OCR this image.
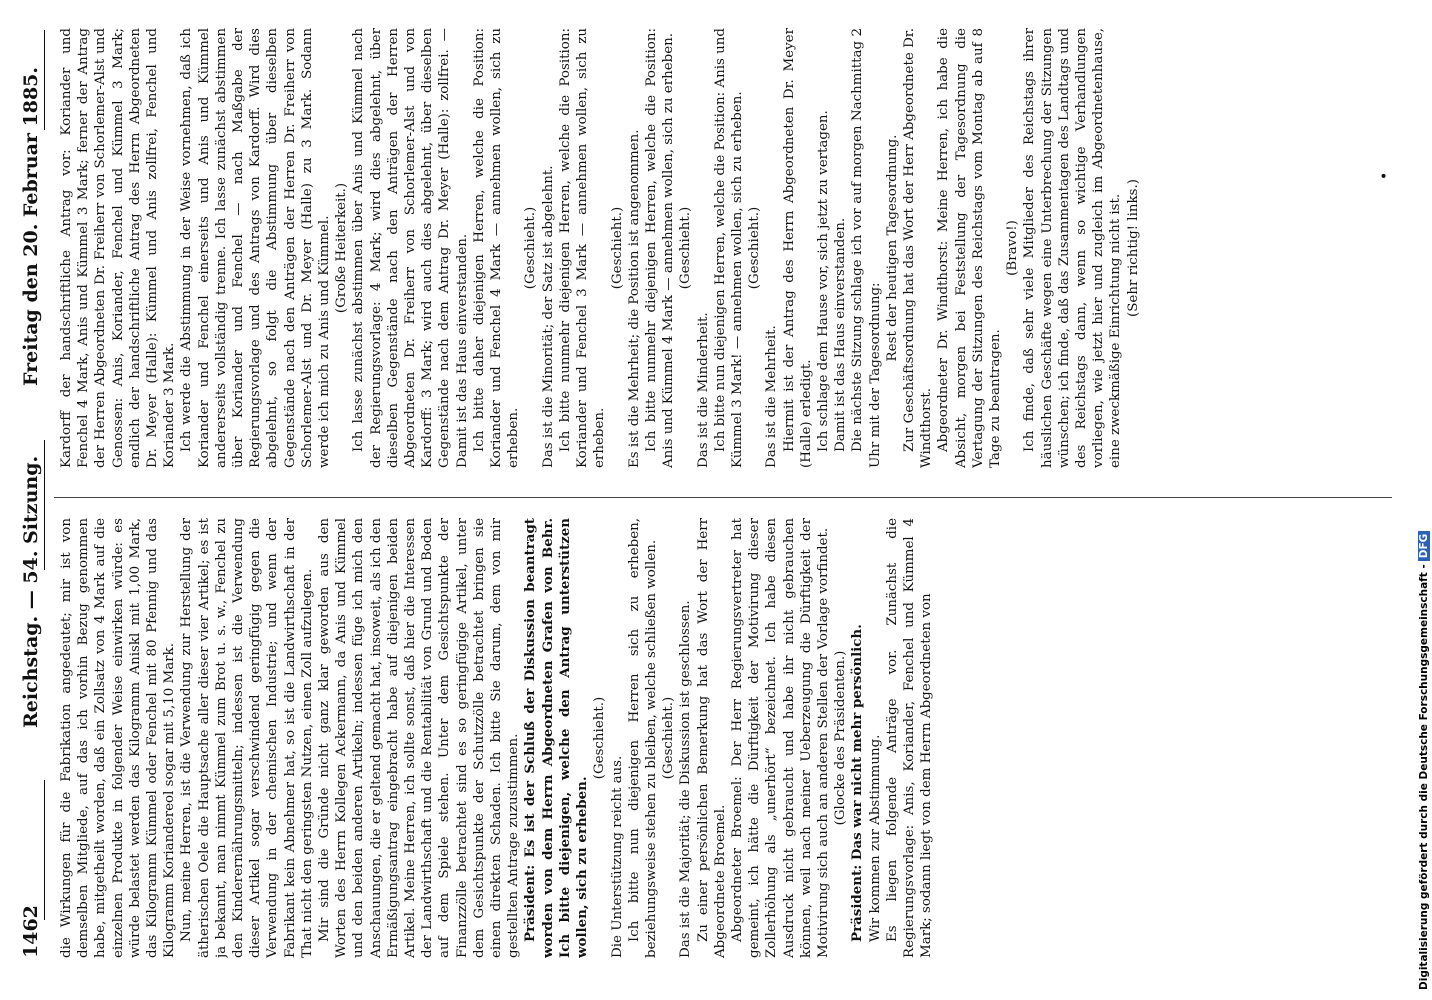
1462
Reichstag. — 54. Sitzung.
Freitag den 20. Februar 1885.

die Wirkungen für die Fabrikation angedeutet; mir ist von demselben Mitgliede, auf das ich vorhin Bezug genommen habe, mitgetheilt worden, daß ein Zollsatz von 4 Mark auf die einzelnen Produkte in folgender Weise einwirken würde: es würde belastet werden das Kilogramm Aniskl mit 1,00 Mark, das Kilogramm Kümmel oder Fenchel mit 80 Pfennig und das Kilogramm Koriandereol sogar mit 5,10 Mark. Nun, meine Herren, ist die Verwendung zur Herstellung der ätherischen Oele die Hauptsache aller dieser vier Artikel; es ist ja bekannt, man nimmt Kümmel zum Brot u. s. w., Fenchel zu den Kinderernährungsmitteln; indessen ist die Verwendung dieser Artikel sogar verschwindend geringfügig gegen die Verwendung in der chemischen Industrie; und wenn der Fabrikant kein Abnehmer hat, so ist die Landwirthschaft in der That nicht den geringsten Nutzen, einen Zoll aufzulegen. Mir sind die Gründe nicht ganz klar geworden aus den Worten des Herrn Kollegen Ackermann, da Anis und Kümmel und den beiden anderen Artikeln; indessen füge ich mich den Anschauungen, die er geltend gemacht hat, insoweit, als ich den Ermäßigungsantrag eingebracht habe auf diejenigen beiden Artikel. Meine Herren, ich sollte sonst, daß hier die Interessen der Landwirthschaft und die Rentabilität von Grund und Boden auf dem Spiele stehen. Unter dem Gesichtspunkte der Finanzzölle betrachtet sind es so geringfügige Artikel, unter dem Gesichtspunkte der Schutzzölle betrachtet bringen sie einen direkten Schaden. Ich bitte Sie darum, dem von mir gestellten Antrage zuzustimmen. Präsident: Es ist der Schluß der Diskussion beantragt worden von dem Herrn Abgeordneten Grafen von Behr. Ich bitte diejenigen, welche den Antrag unterstützen wollen, sich zu erheben.

(Geschieht.)

Die Unterstützung reicht aus. Ich bitte nun diejenigen Herren sich zu erheben, beziehungsweise stehen zu bleiben, welche schließen wollen. (Geschieht.) Das ist die Majorität; die Diskussion ist geschlossen. Zu einer persönlichen Bemerkung hat das Wort der Herr Abgeordnete Broemel. Abgeordneter Broemel: Der Herr Regierungsvertreter hat gemeint, ich hätte die Dürftigkeit der Motivirung dieser Zollerhöhung als „unerhört“ bezeichnet. Ich habe diesen Ausdruck nicht gebraucht und habe ihr nicht gebrauchen können, weil nach meiner Ueberzeugung die Dürftigkeit der Motivirung sich auch an anderen Stellen der Vorlage vorfindet. (Glocke des Präsidenten.) Präsident: Das war nicht mehr persönlich. Wir kommen zur Abstimmung. Es liegen folgende Anträge vor. Zunächst die Regierungsvorlage: Anis, Koriander, Fenchel und Kümmel 4 Mark; sodann liegt von dem Herrn Abgeordneten von

Kardorff der handschriftliche Antrag vor: Koriander und Fenchel 4 Mark, Anis und Kümmel 3 Mark; ferner der Antrag der Herren Abgeordneten Dr. Freiherr von Schorlemer-Alst und Genossen: Anis, Koriander, Fenchel und Kümmel 3 Mark; endlich der handschriftliche Antrag des Herrn Abgeordneten Dr. Meyer (Halle): Kümmel und Anis zollfrei, Fenchel und Koriander 3 Mark. Ich werde die Abstimmung in der Weise vornehmen, daß ich Koriander und Fenchel einerseits und Anis und Kümmel andererseits vollständig trenne. Ich lasse zunächst abstimmen über Koriander und Fenchel — nach Maßgabe der Regierungsvorlage und des Antrags von Kardorff. Wird dies abgelehnt, so folgt die Abstimmung über dieselben Gegenstände nach den Anträgen der Herren Dr. Freiherr von Schorlemer-Alst und Dr. Meyer (Halle) zu 3 Mark. Sodann werde ich mich zu Anis und Kümmel. (Große Heiterkeit.) Ich lasse zunächst abstimmen über Anis und Kümmel nach der Regierungsvorlage: 4 Mark; wird dies abgelehnt, über dieselben Gegenstände nach den Anträgen der Herren Abgeordneten Dr. Freiherr von Schorlemer-Alst und von Kardorff: 3 Mark; wird auch dies abgelehnt, über dieselben Gegenstände nach dem Antrag Dr. Meyer (Halle): zollfrei. — Damit ist das Haus einverstanden. Ich bitte daher diejenigen Herren, welche die Position: Koriander und Fenchel 4 Mark — annehmen wollen, sich zu erheben.

(Geschieht.) Das ist die Minorität; der Satz ist abgelehnt. Ich bitte nunmehr diejenigen Herren, welche die Position: Koriander und Fenchel 3 Mark — annehmen wollen, sich zu erheben.

(Geschieht.) Es ist die Mehrheit; die Position ist angenommen. Ich bitte nunmehr diejenigen Herren, welche die Position: Anis und Kümmel 4 Mark — annehmen wollen, sich zu erheben. (Geschieht.)

Das ist die Minderheit. Ich bitte nun diejenigen Herren, welche die Position: Anis und Kümmel 3 Mark! — annehmen wollen, sich zu erheben. (Geschieht.)

Das ist die Mehrheit. Hiermit ist der Antrag des Herrn Abgeordneten Dr. Meyer (Halle) erledigt. Ich schlage dem Hause vor, sich jetzt zu vertagen. Damit ist das Haus einverstanden. Die nächste Sitzung schlage ich vor auf morgen Nachmittag 2 Uhr mit der Tagesordnung:

Rest der heutigen Tagesordnung. Zur Geschäftsordnung hat das Wort der Herr Abgeordnete Dr. Windthorst. Abgeordneter Dr. Windthorst: Meine Herren, ich habe die Absicht, morgen bei Feststellung der Tagesordnung die Vertagung der Sitzungen des Reichstags vom Montag ab auf 8 Tage zu beantragen.

(Bravo!) Ich finde, daß sehr viele Mitglieder des Reichstags ihrer häuslichen Geschäfte wegen eine Unterbrechung der Sitzungen wünschen; ich finde, daß das Zusammentagen des Landtags und des Reichstags dann, wenn so wichtige Verhandlungen vorliegen, wie jetzt hier und zugleich im Abgeordnetenhause, eine zweckmäßige Einrichtung nicht ist. (Sehr richtig! links.)

•
Digitalisierung gefördert durch die Deutsche Forschungsgemeinschaft -DFG
